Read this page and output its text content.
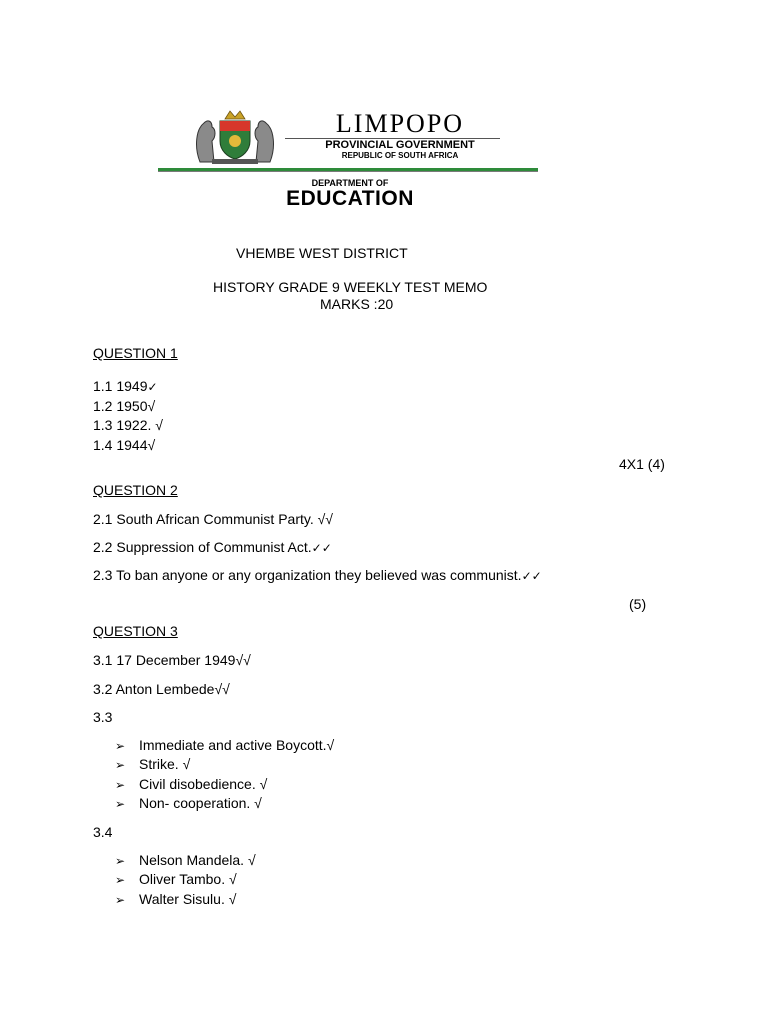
LIMPOPO
PROVINCIAL GOVERNMENT
REPUBLIC OF SOUTH AFRICA
DEPARTMENT OF
EDUCATION
VHEMBE WEST DISTRICT
HISTORY GRADE 9 WEEKLY TEST MEMO
MARKS :20
QUESTION 1
1.1 1949✓
1.2 1950√
1.3 1922. √
1.4 1944√
4X1 (4)
QUESTION 2
2.1 South African Communist Party. √√
2.2 Suppression of Communist Act.✓✓
2.3 To ban anyone or any organization they believed was communist.✓✓
(5)
QUESTION 3
3.1 17 December 1949√√
3.2 Anton Lembede√√
3.3
➢ Immediate and active Boycott.√
➢ Strike. √
➢ Civil disobedience. √
➢ Non- cooperation. √
3.4
➢ Nelson Mandela. √
➢ Oliver Tambo. √
➢ Walter Sisulu. √
